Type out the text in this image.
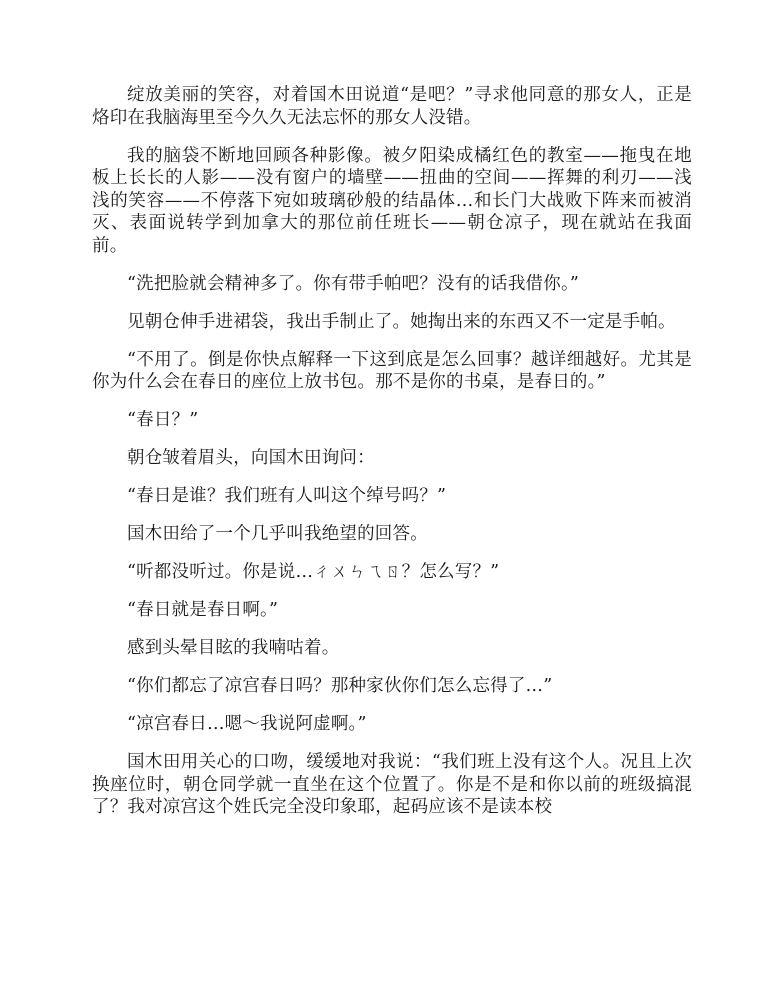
绽放美丽的笑容，对着国木田说道“是吧？”寻求他同意的那女人，正是烙印在我脑海里至今久久无法忘怀的那女人没错。

我的脑袋不断地回顾各种影像。被夕阳染成橘红色的教室——拖曳在地板上长长的人影——没有窗户的墙壁——扭曲的空间——挥舞的利刃——浅浅的笑容——不停落下宛如玻璃砂般的结晶体…和长门大战败下阵来而被消灭、表面说转学到加拿大的那位前任班长——朝仓凉子，现在就站在我面前。

“洗把脸就会精神多了。你有带手帕吧？没有的话我借你。”

见朝仓伸手进裙袋，我出手制止了。她掏出来的东西又不一定是手帕。

“不用了。倒是你快点解释一下这到底是怎么回事？越详细越好。尤其是你为什么会在春日的座位上放书包。那不是你的书桌，是春日的。”

“春日？”

朝仓皱着眉头，向国木田询问：

“春日是谁？我们班有人叫这个绰号吗？”

国木田给了一个几乎叫我绝望的回答。

“听都没听过。你是说…ㄔㄨㄣㄟㄖ？怎么写？”

“春日就是春日啊。”

感到头晕目眩的我喃咕着。

“你们都忘了凉宫春日吗？那种家伙你们怎么忘得了…”

“凉宫春日…嗯～我说阿虚啊。”

国木田用关心的口吻，缓缓地对我说：“我们班上没有这个人。况且上次换座位时，朝仓同学就一直坐在这个位置了。你是不是和你以前的班级搞混了？我对凉宫这个姓氏完全没印象耶，起码应该不是读本校
